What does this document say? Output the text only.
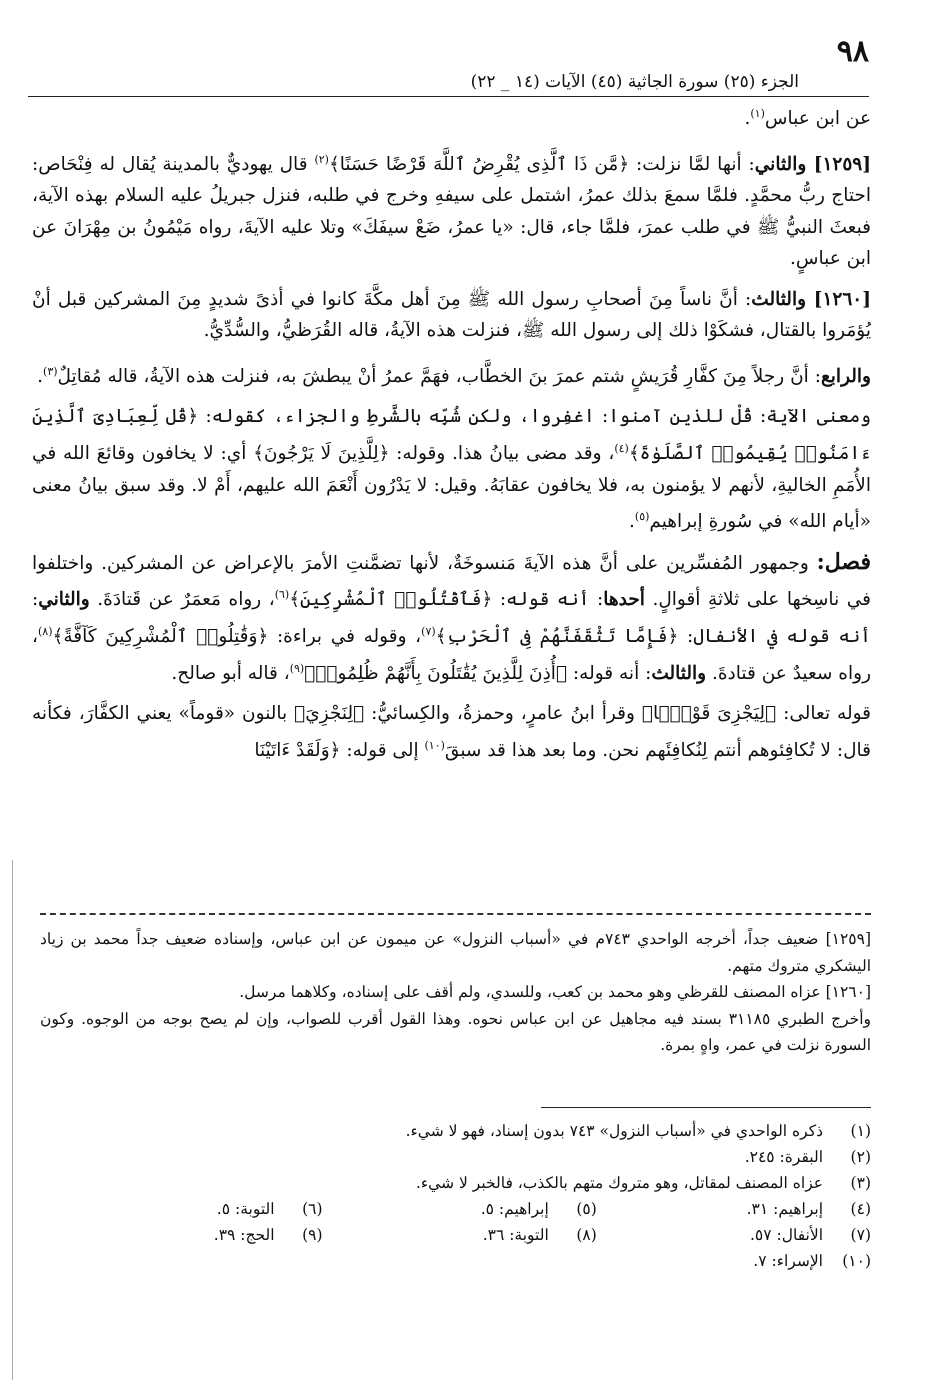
٩٨
الجزء (٢٥) سورة الجاثية (٤٥) الآيات (١٤ _ ٢٢)

عن ابن عباس$^{(١)}$.

[١٢٥٩] والثاني: أنها لمَّا نزلت: ﴿مَّن ذَا ٱلَّذِى يُقْرِضُ ٱللَّهَ قَرْضًا حَسَنًا﴾$^{(٢)}$ قال يهوديٌّ بالمدينة يُقال له فِنْحَاص: احتاج ربُّ محمَّدٍ. فلمَّا سمعَ بذلك عمرُ، اشتمل على سيفهِ وخرج في طلبه، فنزل جبريلُ عليه السلام بهذه الآية، فبعثَ النبيُّ ﷺ في طلب عمرَ، فلمَّا جاء، قال: «يا عمرُ، ضَعْ سيفَكَ» وتلا عليه الآيةَ، رواه مَيْمُونُ بن مِهْرَانَ عن ابن عباسٍ.

[١٢٦٠] والثالث: أنَّ ناساً مِنَ أصحابِ رسول الله ﷺ مِنَ أهل مكَّةَ كانوا في أذىً شديدٍ مِنَ المشركين قبل أنْ يُؤمَروا بالقتال، فشكَوْا ذلك إلى رسول الله ﷺ، فنزلت هذه الآيةُ، قاله القُرَظيُّ، والسُّدِّيُّ.

والرابع: أنَّ رجلاً مِنَ كفَّارِ قُرَيشٍ شتم عمرَ بنَ الخطَّاب، فهَمَّ عمرُ أنْ يبطشَ به، فنزلت هذه الآيةُ، قاله مُقاتِلٌ$^{(٣)}$.

ومعنى الآية: قُلْ للذين آمنوا: اغفِروا، ولكن شُبِّه بالشَّرطِ والجزاء، كقوله: ﴿قُل لِّعِبَادِىَ ٱلَّذِينَ ءَامَنُوا۟ يُقِيمُوا۟ ٱلصَّلَوٰةَ﴾$^{(٤)}$، وقد مضى بيانُ هذا. وقوله: ﴿لِلَّذِينَ لَا يَرْجُونَ﴾ أي: لا يخافون وقائعَ الله في الأُمَمِ الخاليةِ، لأنهم لا يؤمنون به، فلا يخافون عقابَهُ. وقيل: لا يَدْرُون أَنْعَمَ الله عليهم، أَمْ لا. وقد سبق بيانُ معنى «أيام الله» في سُورةِ إبراهيم$^{(٥)}$.

فصل: وجمهور المُفسِّرين على أنَّ هذه الآيةَ مَنسوخَةٌ، لأنها تضمَّنتِ الأمرَ بالإعراض عن المشركين. واختلفوا في ناسِخها على ثلاثةِ أقوالٍ. أحدها: أنه قوله: ﴿فَٱقْتُلُوا۟ ٱلْمُشْرِكِينَ﴾$^{(٦)}$، رواه مَعمَرٌ عن قَتادَةَ. والثاني: أنه قوله في الأنفال: ﴿فَإِمَّا تَثْقَفَنَّهُمْ فِى ٱلْحَرْبِ﴾$^{(٧)}$، وقوله في براءة: ﴿وَقَٰتِلُوا۟ ٱلْمُشْرِكِينَ كَآفَّةً﴾$^{(٨)}$، رواه سعيدٌ عن قتادةَ. والثالث: أنه قوله: ﴿أُذِنَ لِلَّذِينَ يُقَٰتَلُونَ بِأَنَّهُمْ ظُلِمُوا۟﴾$^{(٩)}$، قاله أبو صالح.

قوله تعالى: ﴿لِيَجْزِىَ قَوْمًۢا﴾ وقرأ ابنُ عامرٍ، وحمزةُ، والكِسائيُّ: ﴿لِنَجْزِيَ﴾ بالنون «قوماً» يعني الكفَّارَ، فكأنه قال: لا تُكافِئوهم أنتم لِنُكافِئَهم نحن. وما بعد هذا قد سبقَ$^{(١٠)}$ إلى قوله: ﴿وَلَقَدْ ءَاتَيْنَا

[١٢٥٩] ضعيف جداً، أخرجه الواحدي ٧٤٣م في «أسباب النزول» عن ميمون عن ابن عباس، وإسناده ضعيف جداً محمد بن زياد اليشكري متروك متهم.

[١٢٦٠] عزاه المصنف للقرظي وهو محمد بن كعب، وللسدي، ولم أقف على إسناده، وكلاهما مرسل.

وأخرج الطبري ٣١١٨٥ بسند فيه مجاهيل عن ابن عباس نحوه. وهذا القول أقرب للصواب، وإن لم يصح بوجه من الوجوه. وكون السورة نزلت في عمر، واهٍ بمرة.

(١)
ذكره الواحدي في «أسباب النزول» ٧٤٣ بدون إسناد، فهو لا شيء.
(٢)
البقرة: ٢٤٥.
(٣)
عزاه المصنف لمقاتل، وهو متروك متهم بالكذب، فالخبر لا شيء.
(٤)
إبراهيم: ٣١.
(٧)
الأنفال: ٥٧.
(٨)
التوبة: ٣٦.
(٩)
الحج: ٣٩.
(١٠)
الإسراء: ٧.
(٥)
إبراهيم: ٥.
(٦)
التوبة: ٥.
